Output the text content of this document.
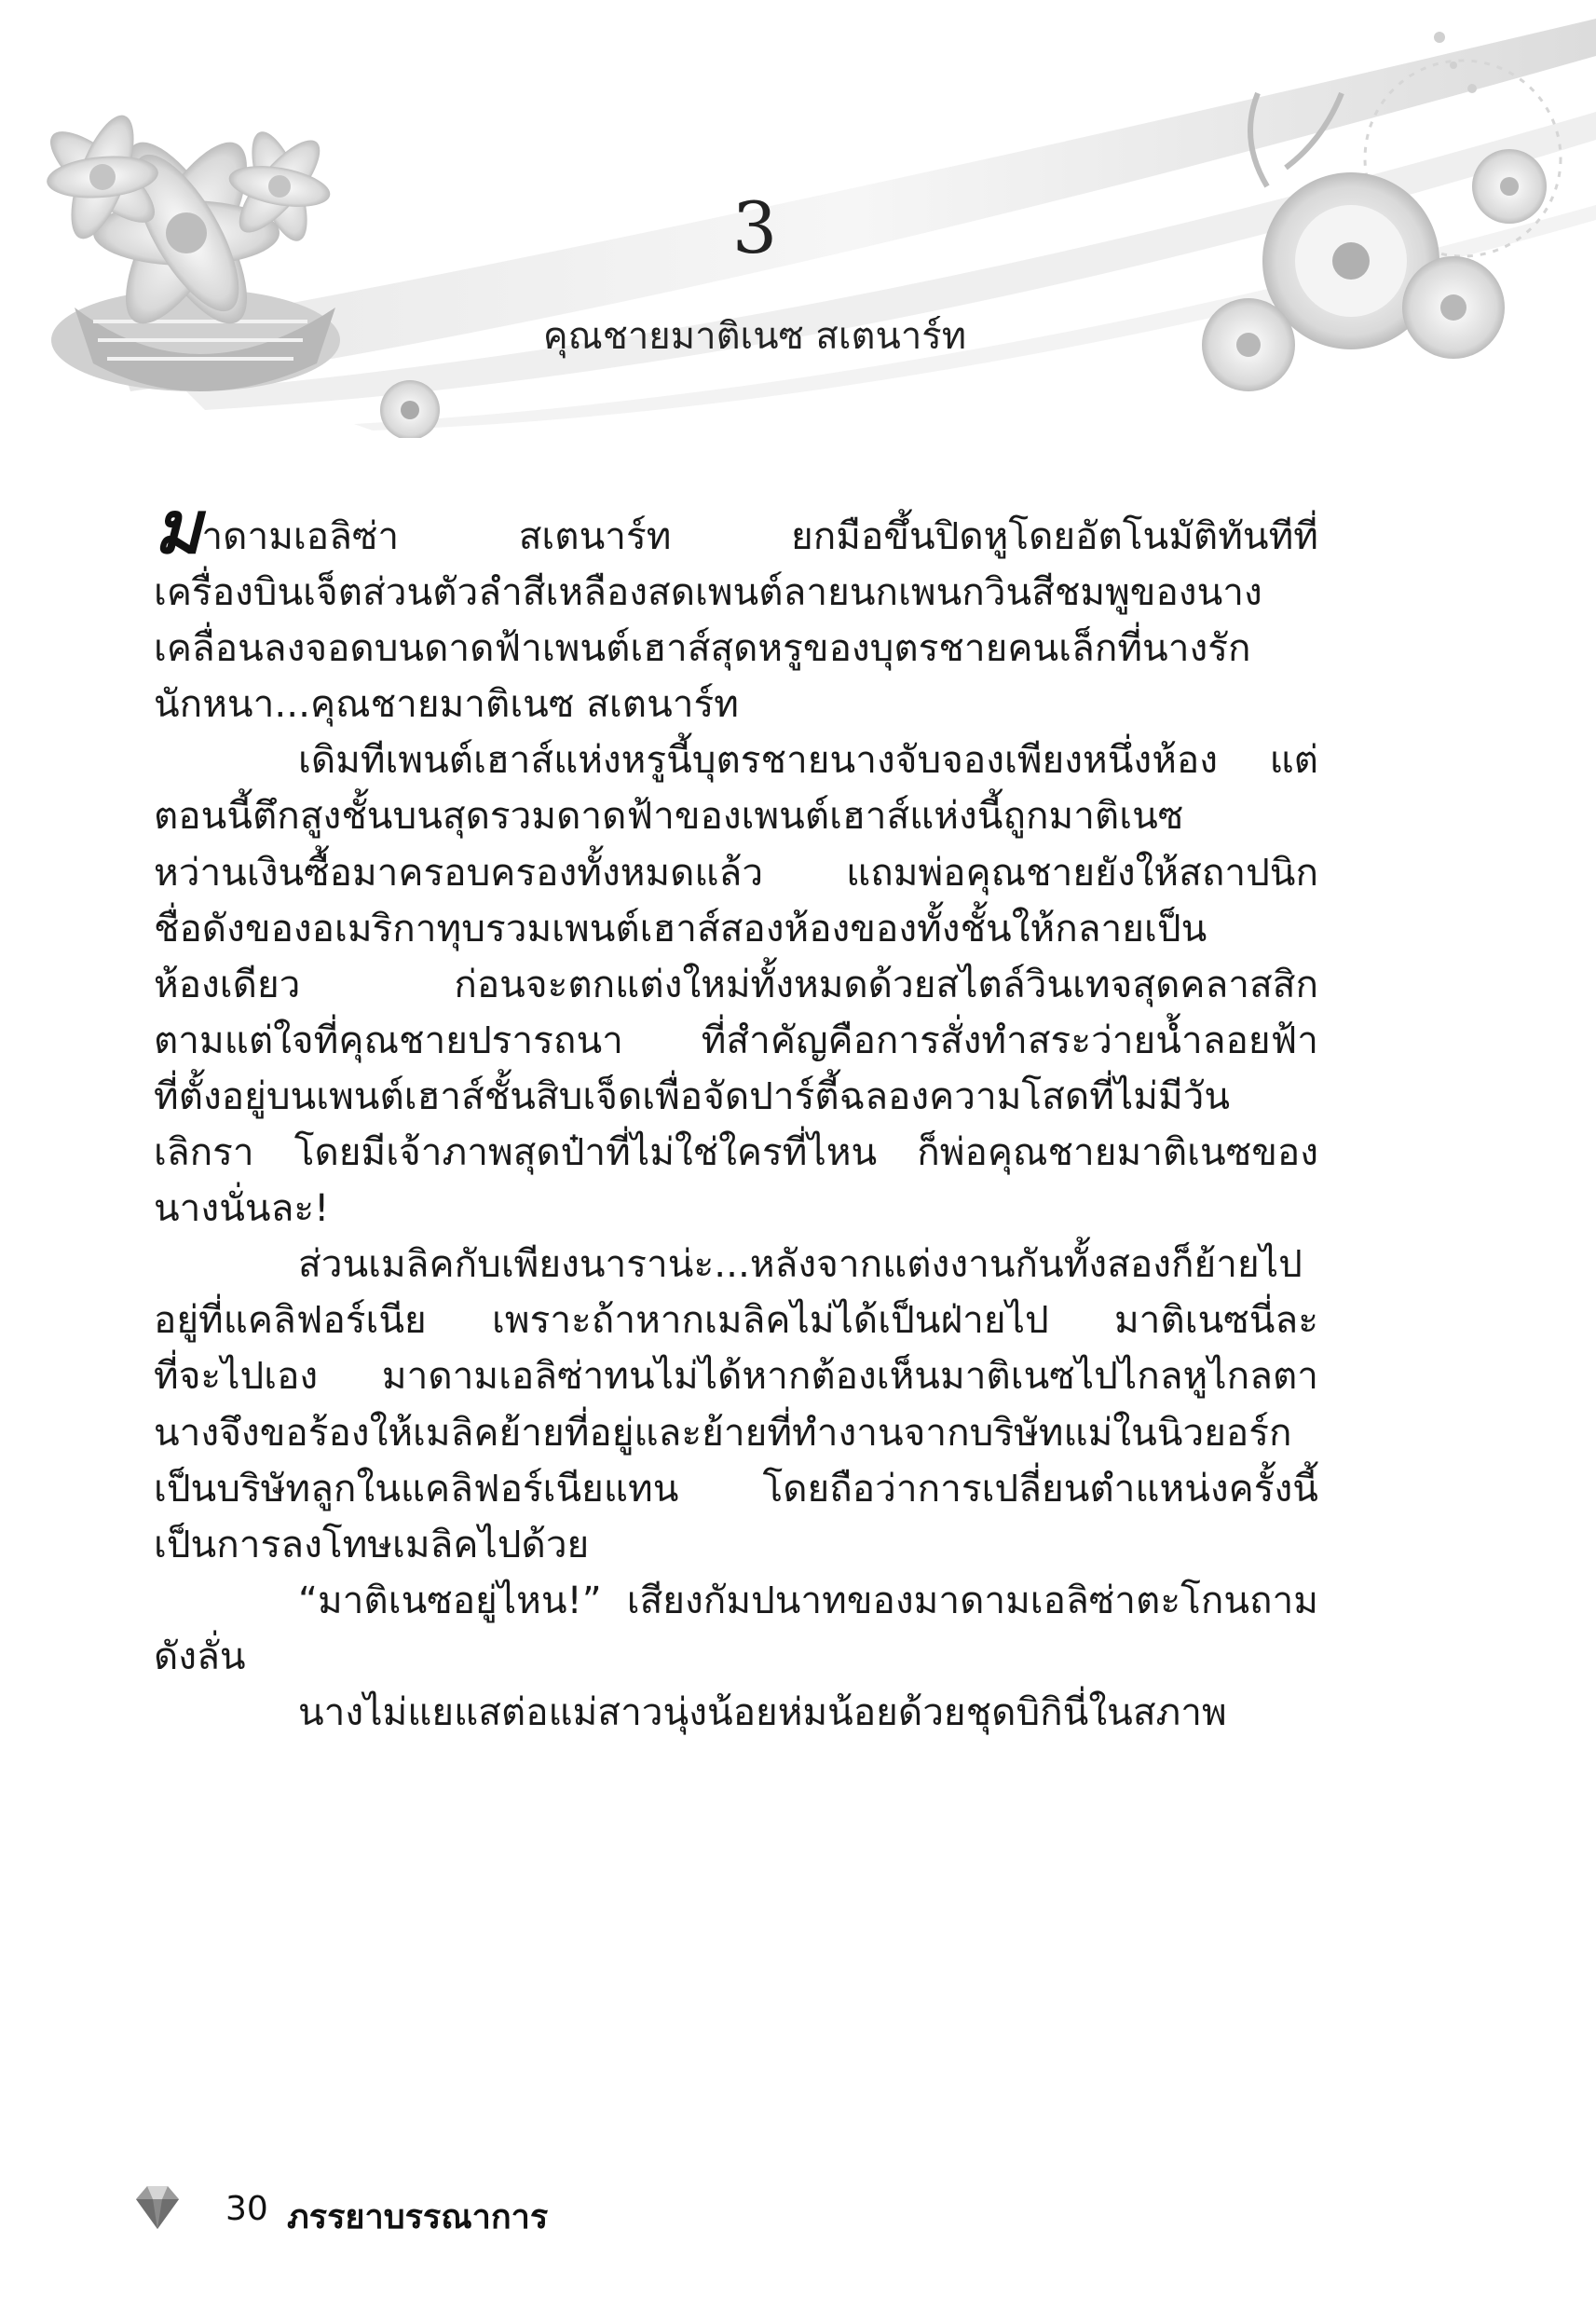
3
คุณชายมาติเนซ สเตนาร์ท
มาดามเอลิซ่า สเตนาร์ท ยกมือขึ้นปิดหูโดยอัตโนมัติทันทีที่
เครื่องบินเจ็ตส่วนตัวลำสีเหลืองสดเพนต์ลายนกเพนกวินสีชมพูของนาง
เคลื่อนลงจอดบนดาดฟ้าเพนต์เฮาส์สุดหรูของบุตรชายคนเล็กที่นางรัก
นักหนา...คุณชายมาติเนซ สเตนาร์ท
เดิมทีเพนต์เฮาส์แห่งหรูนี้บุตรชายนางจับจองเพียงหนึ่งห้อง แต่
ตอนนี้ตึกสูงชั้นบนสุดรวมดาดฟ้าของเพนต์เฮาส์แห่งนี้ถูกมาติเนซ
หว่านเงินซื้อมาครอบครองทั้งหมดแล้ว แถมพ่อคุณชายยังให้สถาปนิก
ชื่อดังของอเมริกาทุบรวมเพนต์เฮาส์สองห้องของทั้งชั้นให้กลายเป็น
ห้องเดียว ก่อนจะตกแต่งใหม่ทั้งหมดด้วยสไตล์วินเทจสุดคลาสสิก
ตามแต่ใจที่คุณชายปรารถนา ที่สำคัญคือการสั่งทำสระว่ายน้ำลอยฟ้า
ที่ตั้งอยู่บนเพนต์เฮาส์ชั้นสิบเจ็ดเพื่อจัดปาร์ตี้ฉลองความโสดที่ไม่มีวัน
เลิกรา โดยมีเจ้าภาพสุดป๋าที่ไม่ใช่ใครที่ไหน ก็พ่อคุณชายมาติเนซของ
นางนั่นละ!
ส่วนเมลิคกับเพียงนาราน่ะ...หลังจากแต่งงานกันทั้งสองก็ย้ายไป
อยู่ที่แคลิฟอร์เนีย เพราะถ้าหากเมลิคไม่ได้เป็นฝ่ายไป มาติเนซนี่ละ
ที่จะไปเอง มาดามเอลิซ่าทนไม่ได้หากต้องเห็นมาติเนซไปไกลหูไกลตา
นางจึงขอร้องให้เมลิคย้ายที่อยู่และย้ายที่ทำงานจากบริษัทแม่ในนิวยอร์ก
เป็นบริษัทลูกในแคลิฟอร์เนียแทน โดยถือว่าการเปลี่ยนตำแหน่งครั้งนี้
เป็นการลงโทษเมลิคไปด้วย
“มาติเนซอยู่ไหน!” เสียงกัมปนาทของมาดามเอลิซ่าตะโกนถาม
ดังลั่น
นางไม่แยแสต่อแม่สาวนุ่งน้อยห่มน้อยด้วยชุดบิกินี่ในสภาพ
30 ภรรยาบรรณาการ
